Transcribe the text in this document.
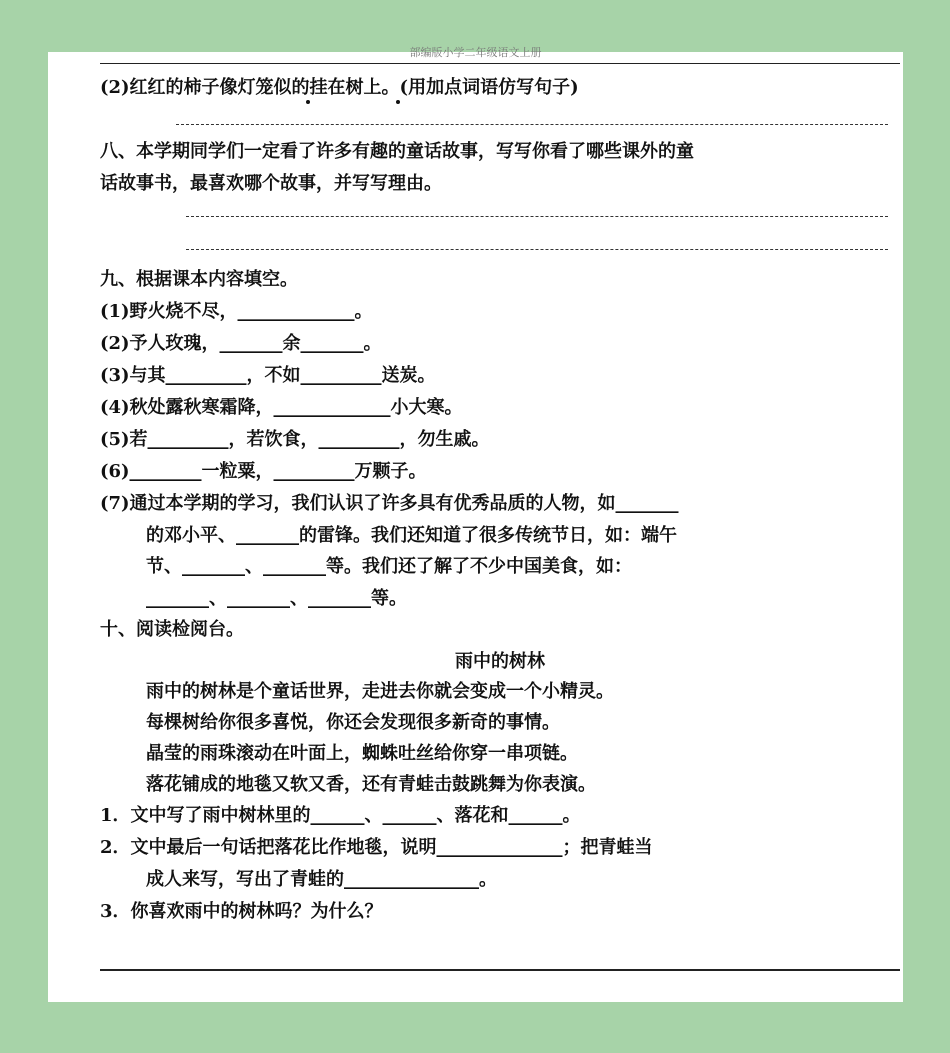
部编版小学二年级语文上册
(2)红红的柿子像灯笼似的挂在树上。(用加点词语仿写句子)
八、本学期同学们一定看了许多有趣的童话故事，写写你看了哪些课外的童
话故事书，最喜欢哪个故事，并写写理由。
九、根据课本内容填空。
(1)野火烧不尽，_____________。
(2)予人玫瑰，_______余_______。
(3)与其_________，不如_________送炭。
(4)秋处露秋寒霜降，_____________小大寒。
(5)若_________，若饮食，_________，勿生戚。
(6)________一粒粟，_________万颗子。
(7)通过本学期的学习，我们认识了许多具有优秀品质的人物，如_______
的邓小平、_______的雷锋。我们还知道了很多传统节日，如：端午
节、_______、_______等。我们还了解了不少中国美食，如：
_______、_______、_______等。
十、阅读检阅台。
雨中的树林
雨中的树林是个童话世界，走进去你就会变成一个小精灵。
每棵树给你很多喜悦，你还会发现很多新奇的事情。
晶莹的雨珠滚动在叶面上，蜘蛛吐丝给你穿一串项链。
落花铺成的地毯又软又香，还有青蛙击鼓跳舞为你表演。
1．文中写了雨中树林里的______、______、落花和______。
2．文中最后一句话把落花比作地毯，说明______________；把青蛙当
成人来写，写出了青蛙的_______________。
3．你喜欢雨中的树林吗？为什么？
